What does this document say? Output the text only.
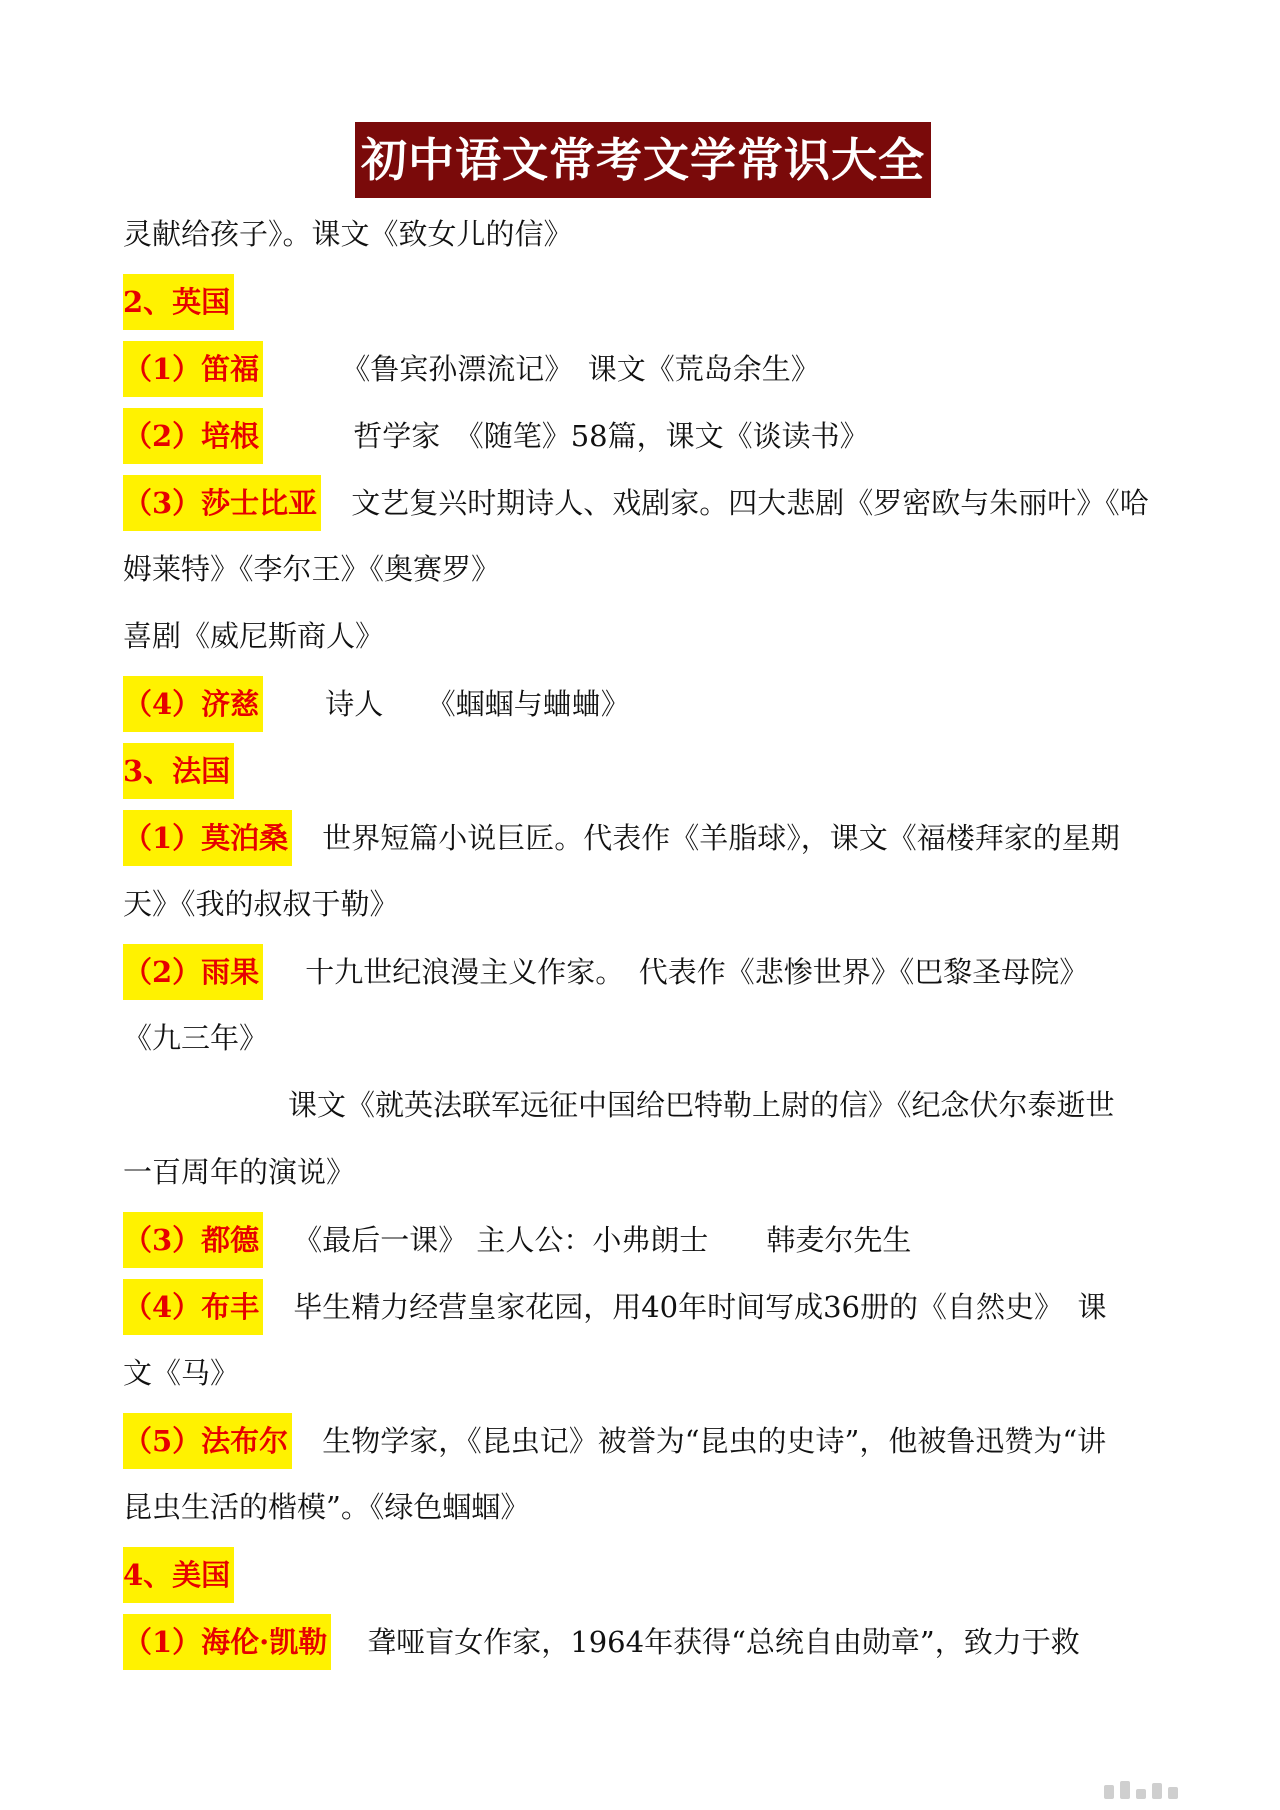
初中语文常考文学常识大全
灵献给孩子》。课文《致女儿的信》
2、英国
（1）笛福	《鲁宾孙漂流记》　课文《荒岛余生》
（2）培根	哲学家　《随笔》58篇，课文《谈读书》
（3）莎士比亚 文艺复兴时期诗人、戏剧家。四大悲剧《罗密欧与朱丽叶》《哈
姆莱特》《李尔王》《奥赛罗》
喜剧《威尼斯商人》
（4）济慈 诗人　　《蝈蝈与蛐蛐》
3、法国
（1）莫泊桑 世界短篇小说巨匠。代表作《羊脂球》，课文《福楼拜家的星期
天》《我的叔叔于勒》
（2）雨果 十九世纪浪漫主义作家。　代表作《悲惨世界》《巴黎圣母院》
《九三年》
课文《就英法联军远征中国给巴特勒上尉的信》《纪念伏尔泰逝世
一百周年的演说》
（3）都德 《最后一课》 主人公：小弗朗士　　韩麦尔先生
（4）布丰 毕生精力经营皇家花园，用40年时间写成36册的《自然史》　课
文《马》
（5）法布尔 生物学家，《昆虫记》被誉为“昆虫的史诗”，他被鲁迅赞为“讲
昆虫生活的楷模”。《绿色蝈蝈》
4、美国
（1）海伦·凯勒 聋哑盲女作家，1964年获得“总统自由勋章”，致力于救
